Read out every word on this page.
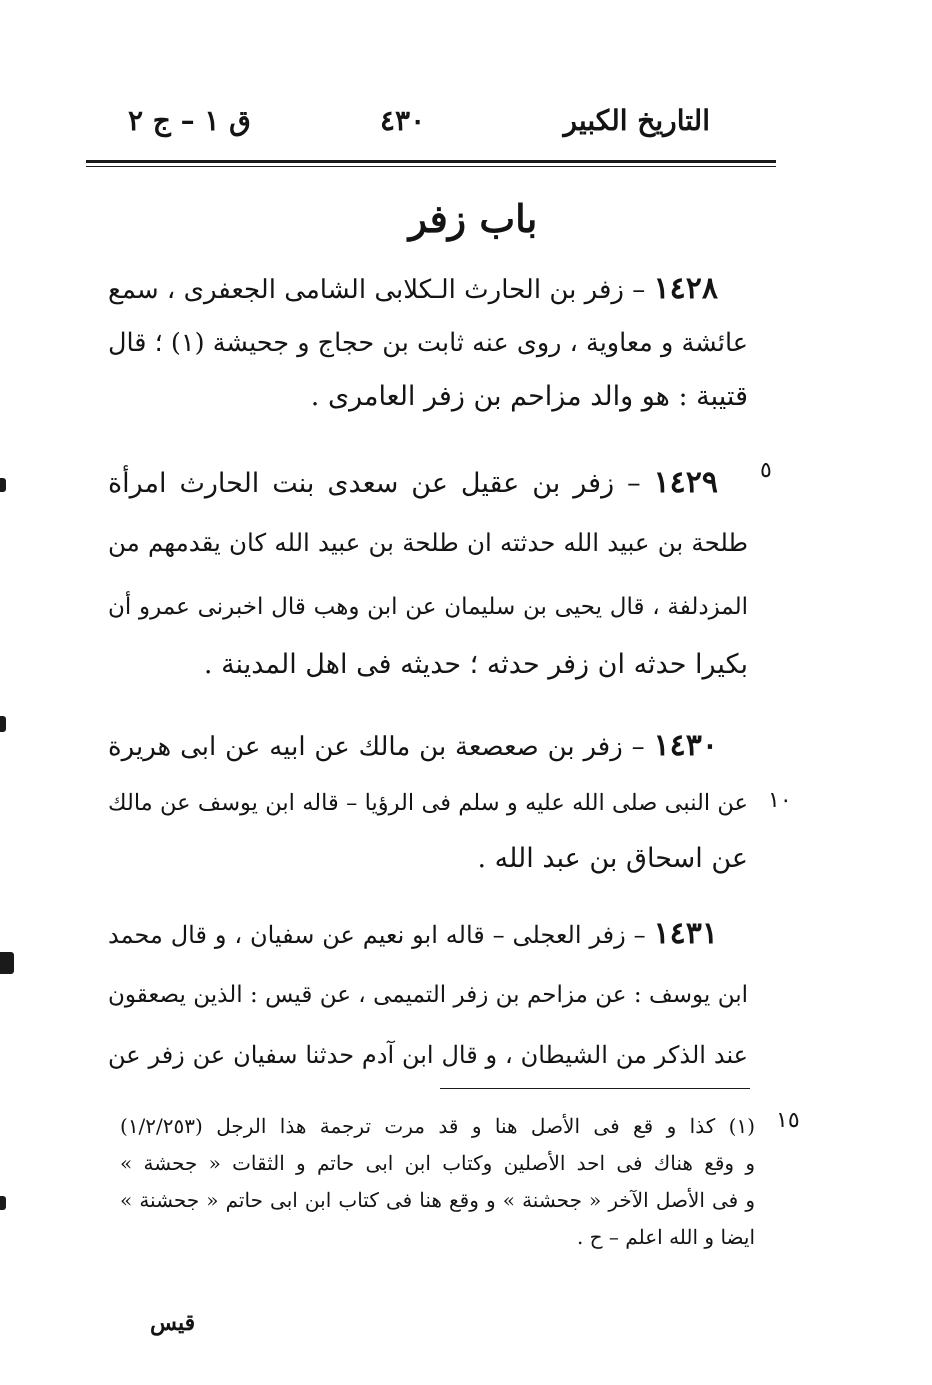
التاريخ الكبير
٤٣٠
ق ١ – ج ٢
باب زفر
١٤٢٨ – زفر بن الحارث الـكلابى الشامى الجعفرى ، سمع
عائشة و معاوية ، روى عنه ثابت بن حجاج و جحيشة (١) ؛ قال
قتيبة : هو والد مزاحم بن زفر العامرى .
١٤٢٩ – زفر بن عقيل عن سعدى بنت الحارث امرأة
طلحة بن عبيد الله حدثته ان طلحة بن عبيد الله كان يقدمهم من
المزدلفة ، قال يحيى بن سليمان عن ابن وهب قال اخبرنى عمرو أن
بكيرا حدثه ان زفر حدثه ؛ حديثه فى اهل المدينة .
١٤٣٠ – زفر بن صعصعة بن مالك عن ابيه عن ابى هريرة
عن النبى صلى الله عليه و سلم فى الرؤيا – قاله ابن يوسف عن مالك
عن اسحاق بن عبد الله .
١٤٣١ – زفر العجلى – قاله ابو نعيم عن سفيان ، و قال محمد
ابن يوسف : عن مزاحم بن زفر التميمى ، عن قيس : الذين يصعقون
عند الذكر من الشيطان ، و قال ابن آدم حدثنا سفيان عن زفر عن
٥
١٠
١٥
(١) كذا و قع فى الأصل هنا و قد مرت ترجمة هذا الرجل (١/٢/٢٥٣)
و وقع هناك فى احد الأصلين وكتاب ابن ابى حاتم و الثقات « جحشة »
و فى الأصل الآخر « جحشنة » و وقع هنا فى كتاب ابن ابى حاتم « جحشنة »
ايضا و الله اعلم – ح .
قيس
